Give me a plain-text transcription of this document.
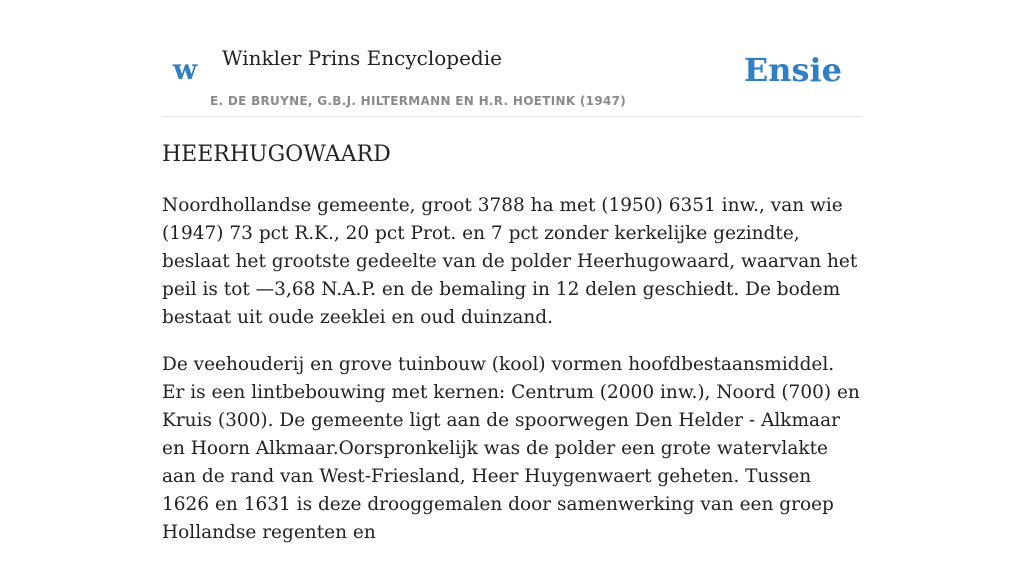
w Winkler Prins Encyclopedie
E. DE BRUYNE, G.B.J. HILTERMANN EN H.R. HOETINK (1947)
Ensie
HEERHUGOWAARD

Noordhollandse gemeente, groot 3788 ha met (1950) 6351 inw., van wie (1947) 73 pct R.K., 20 pct Prot. en 7 pct zonder kerkelijke gezindte, beslaat het grootste gedeelte van de polder Heerhugowaard, waarvan het peil is tot —3,68 N.A.P. en de bemaling in 12 delen geschiedt. De bodem bestaat uit oude zeeklei en oud duinzand.

De veehouderij en grove tuinbouw (kool) vormen hoofdbestaansmiddel. Er is een lintbebouwing met kernen: Centrum (2000 inw.), Noord (700) en Kruis (300). De gemeente ligt aan de spoorwegen Den Helder - Alkmaar en Hoorn Alkmaar.Oorspronkelijk was de polder een grote watervlakte aan de rand van West-Friesland, Heer Huygenwaert geheten. Tussen 1626 en 1631 is deze drooggemalen door samenwerking van een groep Hollandse regenten en
